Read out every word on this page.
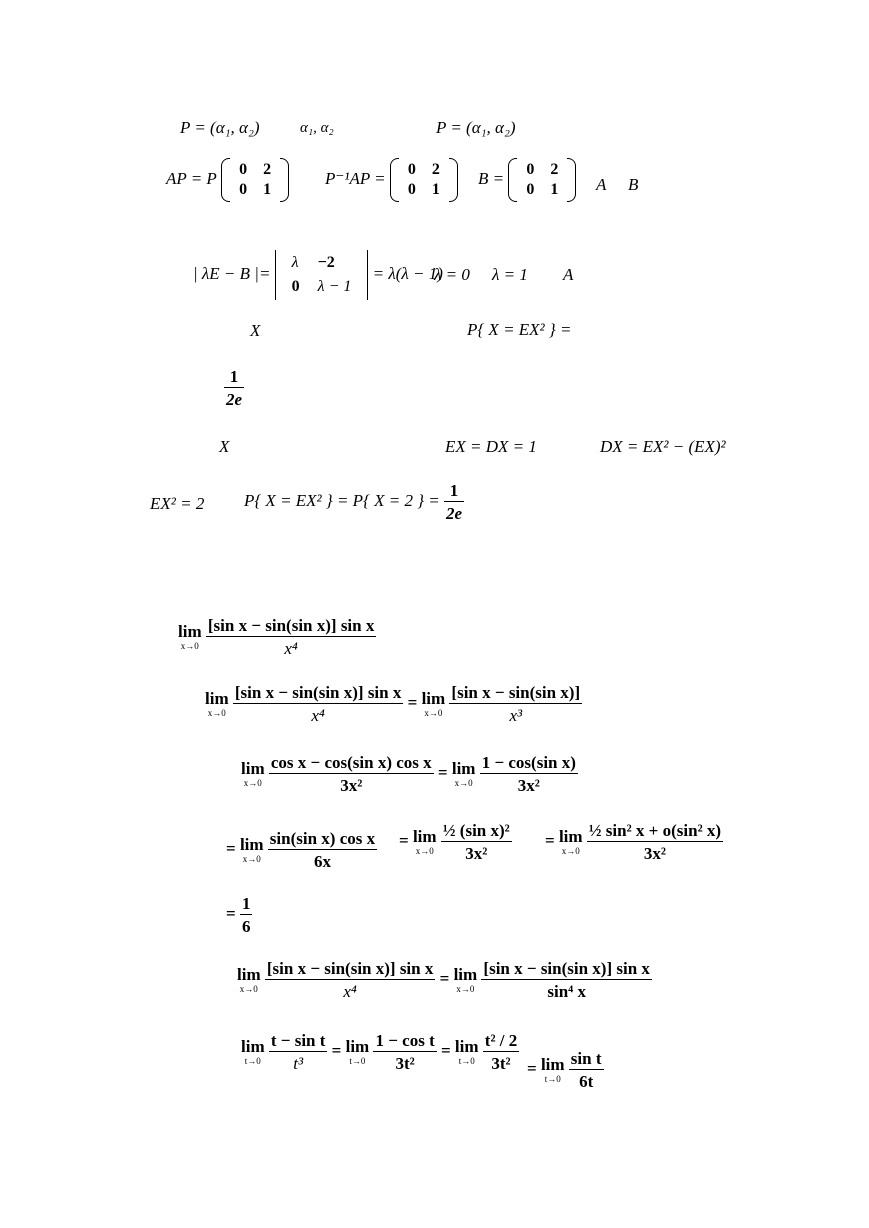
P = (α₁, α₂)	α₁, α₂	P = (α₁, α₂)
AP = P 0	2
0	1
P⁻¹AP = 0	2
0	1
B = 0	2
0	1 A B
| λE − B |=
λ	−2
0	λ − 1
= λ(λ − 1)
λ = 0 λ = 1 A
X	P{ X = EX² } =
$\frac{1}{2e}$
X	EX = DX = 1	DX = EX² − (EX)²
EX² = 2 P{ X = EX² } = P{ X = 2 } = $\frac{1}{2e}$
lim
x→0
$\frac{\text{[sin x − sin(sin x)] sin x}}{\text{x⁴}}$
lim
x→0
$\frac{\text{[sin x − sin(sin x)] sin x}}{\text{x⁴}} = \lim$
x→0
$\frac{\text{[sin x − sin(sin x)]}}{\text{x³}}$
lim
x→0
$\frac{\text{cos x − cos(sin x) cos x}}{\text{3x²}} = \lim$
x→0
$\frac{\text{1 − cos(sin x)}}{\text{3x²}}$
= lim
x→0
$\frac{\text{sin(sin x) cos x}}{6x} = \lim$
x→0
$\frac{\text{½ (sin x)²}}{\text{3x²}} = \lim$
x→0
$\frac{\text{½ sin² x + o(sin² x)}}{\text{3x²}}$
= $\frac{1}{6}$
lim
x→0
$\frac{\text{[sin x − sin(sin x)] sin x}}{\text{x⁴}} = \lim$
x→0
$\frac{\text{[sin x − sin(sin x)] sin x}}{\text{sin⁴ x}}$
lim
t→0
$\frac{\text{t − sin t}}{\text{t³}} = \lim$
t→0
$\frac{\text{1 − cos t}}{\text{3t²}} = \lim$
t→0
$\frac{\text{t² / 2}}{\text{3t²}} = \lim$
t→0
$\frac{\text{sin t}}{6t}$
